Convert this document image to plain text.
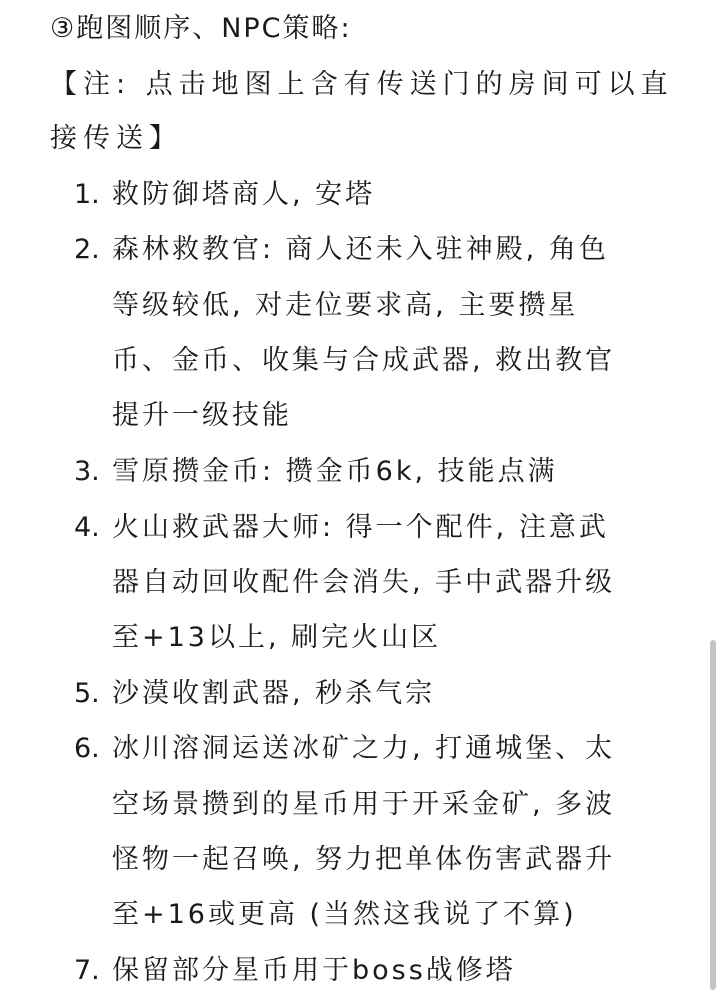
③跑图顺序、NPC策略:
【注: 点击地图上含有传送门的房间可以直
接传送】
1. 救防御塔商人, 安塔
2. 森林救教官: 商人还未入驻神殿, 角色
等级较低, 对走位要求高, 主要攒星
币、金币、收集与合成武器, 救出教官
提升一级技能
3. 雪原攒金币: 攒金币6k, 技能点满
4. 火山救武器大师: 得一个配件, 注意武
器自动回收配件会消失, 手中武器升级
至+13以上, 刷完火山区
5. 沙漠收割武器, 秒杀气宗
6. 冰川溶洞运送冰矿之力, 打通城堡、太
空场景攒到的星币用于开采金矿, 多波
怪物一起召唤, 努力把单体伤害武器升
至+16或更高 (当然这我说了不算)
7. 保留部分星币用于boss战修塔
